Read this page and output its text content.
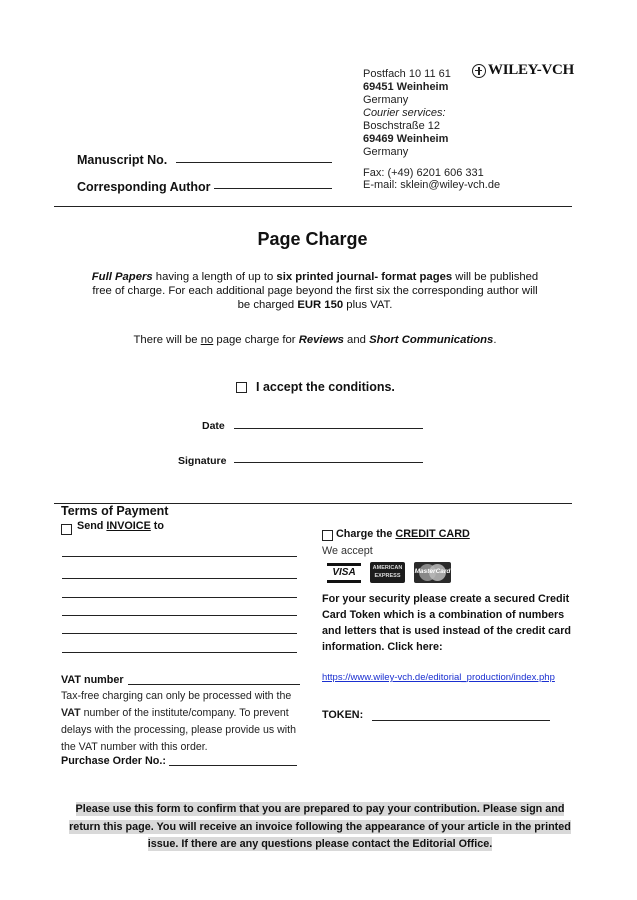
Postfach 10 11 61
69451 Weinheim
Germany
Courier services:
Boschstraße 12
69469 Weinheim
Germany
Fax: (+49) 6201 606 331
E-mail: sklein@wiley-vch.de
WILEY-VCH
Manuscript No.
Corresponding Author
Page Charge
Full Papers having a length of up to six printed journal- format pages will be published free of charge. For each additional page beyond the first six the corresponding author will be charged EUR 150 plus VAT.
There will be no page charge for Reviews and Short Communications.
I accept the conditions.
Date
Signature
Terms of Payment
Send INVOICE to
VAT number
Tax-free charging can only be processed with the VAT number of the institute/company. To prevent delays with the processing, please provide us with the VAT number with this order.
Purchase Order No.:
Charge the CREDIT CARD
We accept
VISA	AMERICAN EXPRESS
MasterCard
For your security please create a secured Credit Card Token which is a combination of numbers and letters that is used instead of the credit card information. Click here:
https://www.wiley-vch.de/editorial_production/index.php
TOKEN:
Please use this form to confirm that you are prepared to pay your contribution. Please sign and return this page. You will receive an invoice following the appearance of your article in the printed issue. If there are any questions please contact the Editorial Office.
